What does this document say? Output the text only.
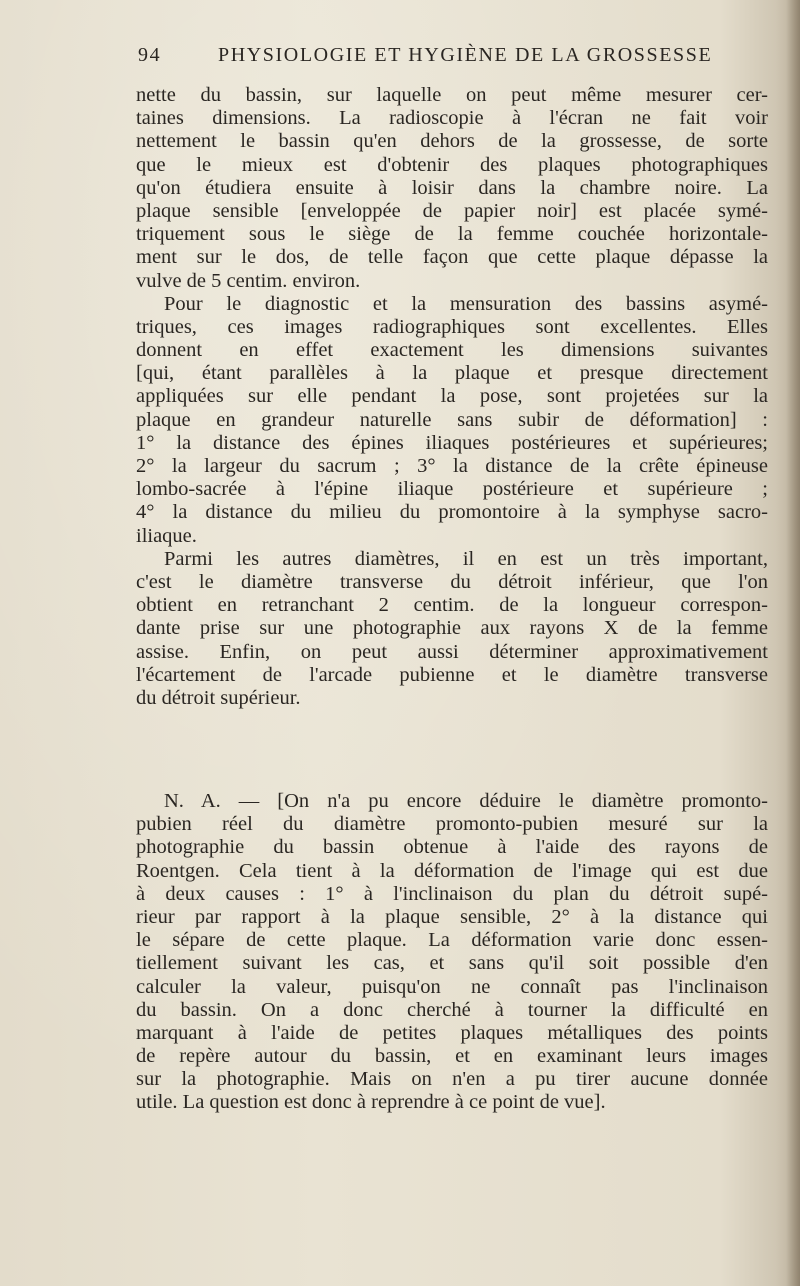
94	PHYSIOLOGIE ET HYGIÈNE DE LA GROSSESSE
nette du bassin, sur laquelle on peut même mesurer cer-
taines dimensions. La radioscopie à l'écran ne fait voir
nettement le bassin qu'en dehors de la grossesse, de sorte
que le mieux est d'obtenir des plaques photographiques
qu'on étudiera ensuite à loisir dans la chambre noire. La
plaque sensible [enveloppée de papier noir] est placée symé-
triquement sous le siège de la femme couchée horizontale-
ment sur le dos, de telle façon que cette plaque dépasse la
vulve de 5 centim. environ.
Pour le diagnostic et la mensuration des bassins asymé-
triques, ces images radiographiques sont excellentes. Elles
donnent en effet exactement les dimensions suivantes
[qui, étant parallèles à la plaque et presque directement
appliquées sur elle pendant la pose, sont projetées sur la
plaque en grandeur naturelle sans subir de déformation] :
1° la distance des épines iliaques postérieures et supérieures;
2° la largeur du sacrum ; 3° la distance de la crête épineuse
lombo-sacrée à l'épine iliaque postérieure et supérieure ;
4° la distance du milieu du promontoire à la symphyse sacro-
iliaque.
Parmi les autres diamètres, il en est un très important,
c'est le diamètre transverse du détroit inférieur, que l'on
obtient en retranchant 2 centim. de la longueur correspon-
dante prise sur une photographie aux rayons X de la femme
assise. Enfin, on peut aussi déterminer approximativement
l'écartement de l'arcade pubienne et le diamètre transverse
du détroit supérieur.
N. A. — [On n'a pu encore déduire le diamètre promonto-
pubien réel du diamètre promonto-pubien mesuré sur la
photographie du bassin obtenue à l'aide des rayons de
Roentgen. Cela tient à la déformation de l'image qui est due
à deux causes : 1° à l'inclinaison du plan du détroit supé-
rieur par rapport à la plaque sensible, 2° à la distance qui
le sépare de cette plaque. La déformation varie donc essen-
tiellement suivant les cas, et sans qu'il soit possible d'en
calculer la valeur, puisqu'on ne connaît pas l'inclinaison
du bassin. On a donc cherché à tourner la difficulté en
marquant à l'aide de petites plaques métalliques des points
de repère autour du bassin, et en examinant leurs images
sur la photographie. Mais on n'en a pu tirer aucune donnée
utile. La question est donc à reprendre à ce point de vue].
